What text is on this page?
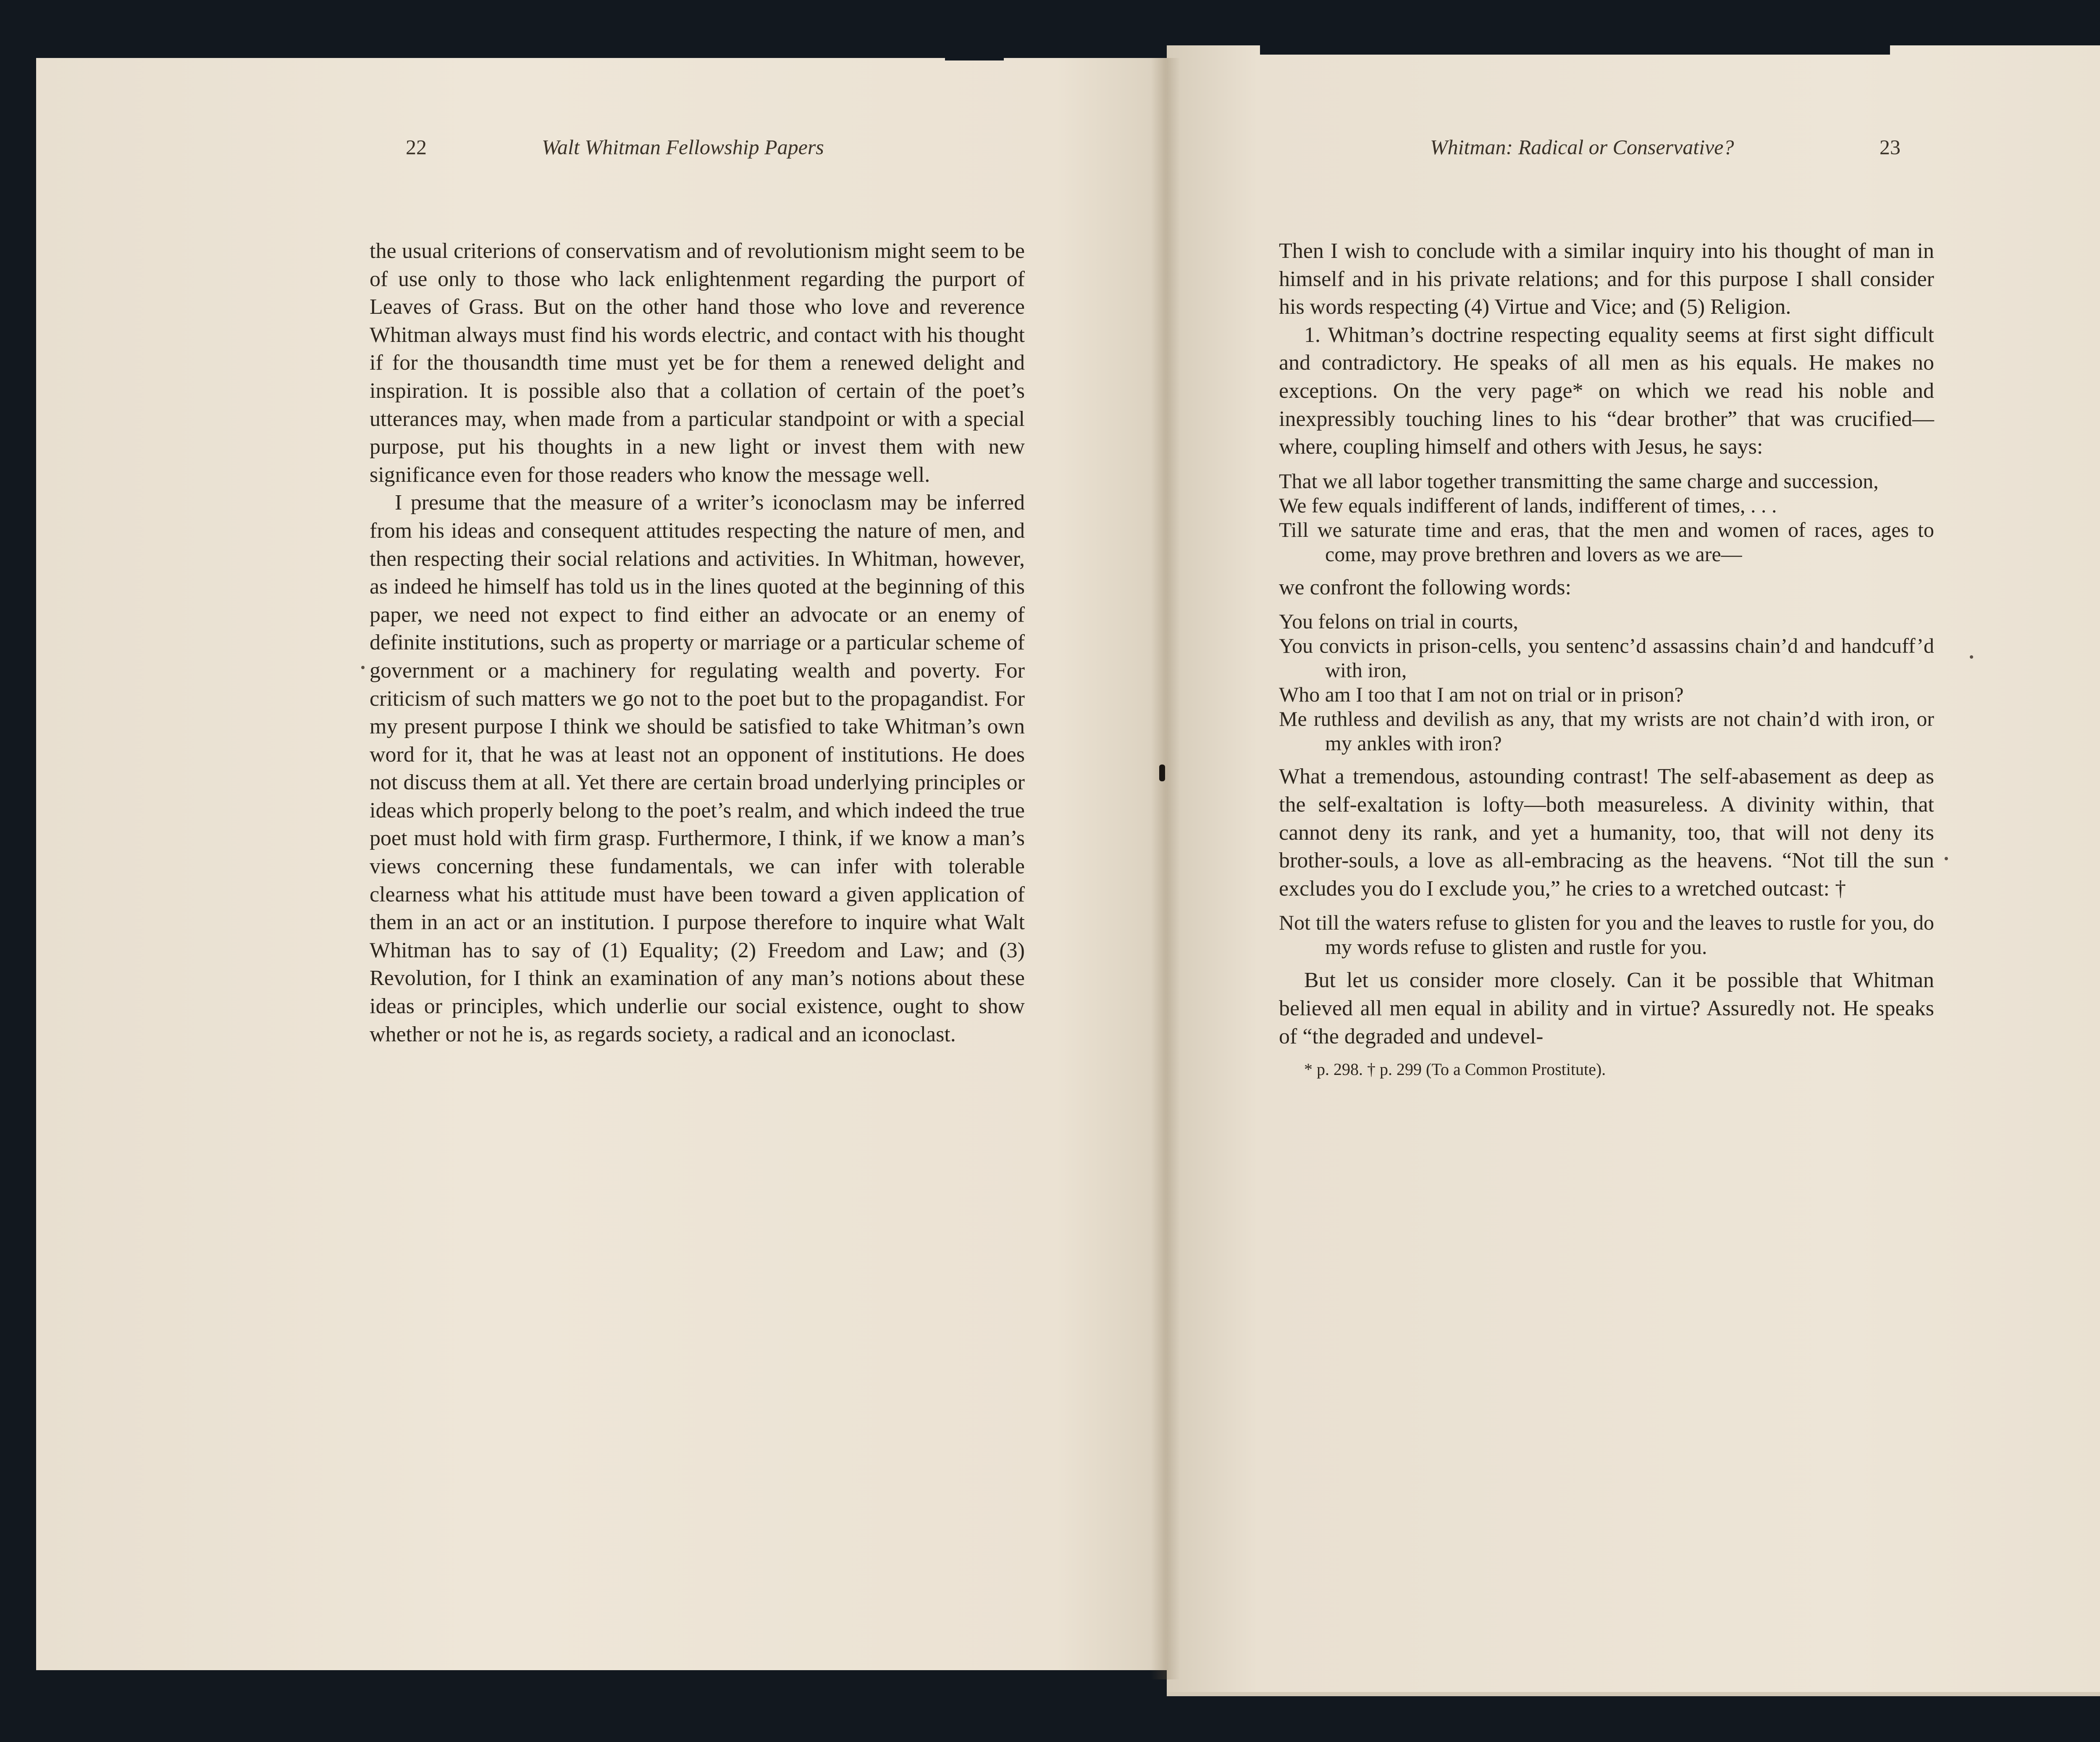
22	Walt Whitman Fellowship Papers	Whitman: Radical or Conservative?	23

the usual criterions of conservatism and of revolutionism might seem to be of use only to those who lack enlightenment regarding the purport of Leaves of Grass. But on the other hand those who love and reverence Whitman always must find his words electric, and contact with his thought if for the thousandth time must yet be for them a renewed delight and inspiration. It is possible also that a collation of certain of the poet’s utterances may, when made from a particular standpoint or with a special purpose, put his thoughts in a new light or invest them with new significance even for those readers who know the message well.

I presume that the measure of a writer’s iconoclasm may be inferred from his ideas and consequent attitudes respecting the nature of men, and then respecting their social relations and activities. In Whitman, however, as indeed he himself has told us in the lines quoted at the beginning of this paper, we need not expect to find either an advocate or an enemy of definite institutions, such as property or marriage or a particular scheme of government or a machinery for regulating wealth and poverty. For criticism of such matters we go not to the poet but to the propagandist. For my present purpose I think we should be satisfied to take Whitman’s own word for it, that he was at least not an opponent of institutions. He does not discuss them at all. Yet there are certain broad underlying principles or ideas which properly belong to the poet’s realm, and which indeed the true poet must hold with firm grasp. Furthermore, I think, if we know a man’s views concerning these fundamentals, we can infer with tolerable clearness what his attitude must have been toward a given application of them in an act or an institution. I purpose therefore to inquire what Walt Whitman has to say of (1) Equality; (2) Freedom and Law; and (3) Revolution, for I think an examination of any man’s notions about these ideas or principles, which underlie our social existence, ought to show whether or not he is, as regards society, a radical and an iconoclast.

Then I wish to conclude with a similar inquiry into his thought of man in himself and in his private relations; and for this purpose I shall consider his words respecting (4) Virtue and Vice; and (5) Religion.

1. Whitman’s doctrine respecting equality seems at first sight difficult and contradictory. He speaks of all men as his equals. He makes no exceptions. On the very page* on which we read his noble and inexpressibly touching lines to his “dear brother” that was crucified—where, coupling himself and others with Jesus, he says:

That we all labor together transmitting the same charge and succession,
We few equals indifferent of lands, indifferent of times, . . .
Till we saturate time and eras, that the men and women of races, ages to come, may prove brethren and lovers as we are—

we confront the following words:

You felons on trial in courts,
You convicts in prison-cells, you sentenc’d assassins chain’d and handcuff’d with iron,
Who am I too that I am not on trial or in prison?
Me ruthless and devilish as any, that my wrists are not chain’d with iron, or my ankles with iron?

What a tremendous, astounding contrast! The self-abasement as deep as the self-exaltation is lofty—both measureless. A divinity within, that cannot deny its rank, and yet a humanity, too, that will not deny its brother-souls, a love as all-embracing as the heavens. “Not till the sun excludes you do I exclude you,” he cries to a wretched outcast: †

Not till the waters refuse to glisten for you and the leaves to rustle for you, do my words refuse to glisten and rustle for you.

But let us consider more closely. Can it be possible that Whitman believed all men equal in ability and in virtue? Assuredly not. He speaks of “the degraded and undevel-

* p. 298. † p. 299 (To a Common Prostitute).
